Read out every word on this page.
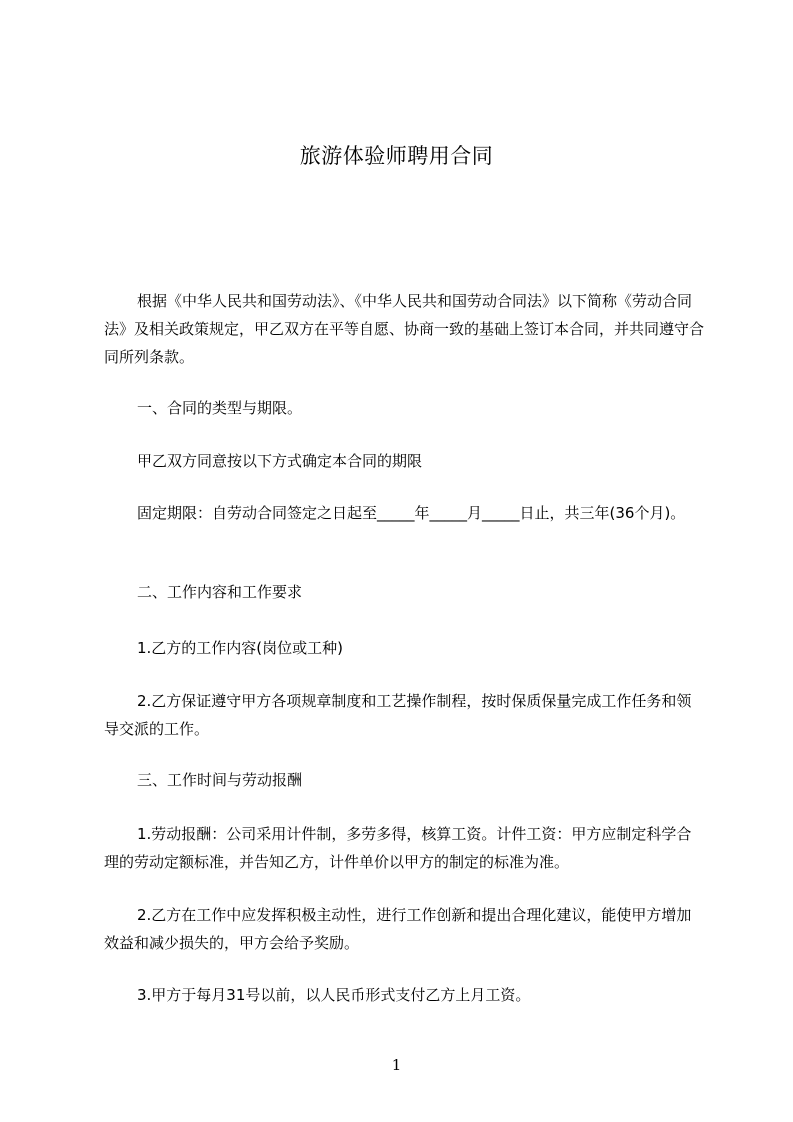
旅游体验师聘用合同

根据《中华人民共和国劳动法》、《中华人民共和国劳动合同法》以下简称《劳动合同法》及相关政策规定，甲乙双方在平等自愿、协商一致的基础上签订本合同，并共同遵守合同所列条款。

一、合同的类型与期限。

甲乙双方同意按以下方式确定本合同的期限

固定期限：自劳动合同签定之日起至_____年_____月_____日止，共三年(36个月)。

二、工作内容和工作要求

1.乙方的工作内容(岗位或工种)

2.乙方保证遵守甲方各项规章制度和工艺操作制程，按时保质保量完成工作任务和领导交派的工作。

三、工作时间与劳动报酬

1.劳动报酬：公司采用计件制，多劳多得，核算工资。计件工资：甲方应制定科学合理的劳动定额标准，并告知乙方，计件单价以甲方的制定的标准为准。

2.乙方在工作中应发挥积极主动性，进行工作创新和提出合理化建议，能使甲方增加效益和减少损失的，甲方会给予奖励。

3.甲方于每月31号以前，以人民币形式支付乙方上月工资。

1
